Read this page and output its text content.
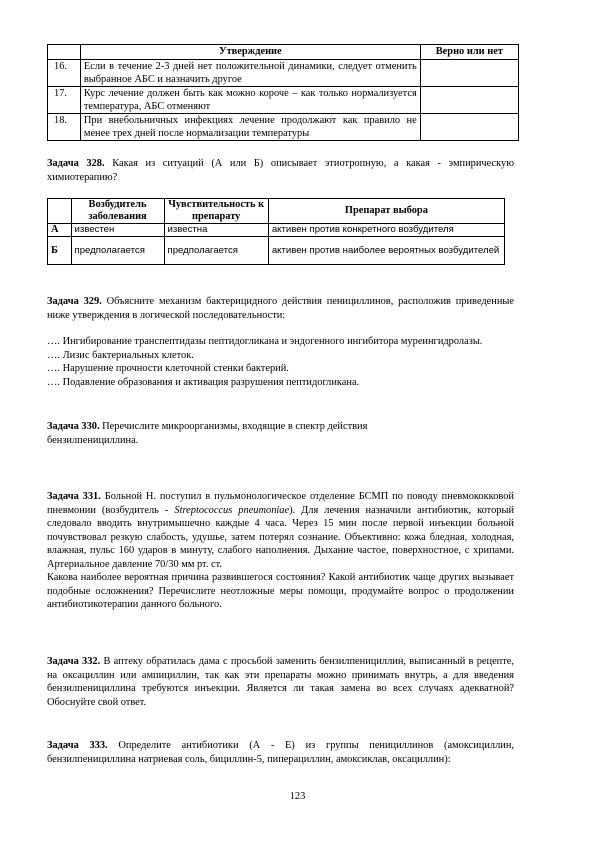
	Утверждение	Верно или нет
16.	Если в течение 2-3 дней нет положительной динамики, следует отменить выбранное АБС и назначить другое	
17.	Курс лечение должен быть как можно короче – как только нормализуется температура, АБС отменяют	
18.	При внебольничных инфекциях лечение продолжают как правило не менее трех дней после нормализации температуры	

Задача 328. Какая из ситуаций (А или Б) описывает этиотропную, а какая - эмпирическую химиотерапию?

	Возбудитель заболевания	Чувствительность к препарату	Препарат выбора
А	известен	известна	активен против конкретного возбудителя
Б	предполагается	предполагается	активен против наиболее вероятных возбудителей

Задача 329. Объясните механизм бактерицидного действия пенициллинов, расположив приведенные ниже утверждения в логической последовательности:

…. Ингибирование транспептидазы пептидогликана и эндогенного ингибитора муреингидролазы.

…. Лизис бактериальных клеток.

…. Нарушение прочности клеточной стенки бактерий.

…. Подавление образования и активация разрушения пептидогликана.

Задача 330. Перечислите микроорганизмы, входящие в спектр действия бензилпенициллина.

Задача 331. Больной Н. поступил в пульмонологическое отделение БСМП по поводу пневмококковой пневмонии (возбудитель - Streptococcus pneumoniae). Для лечения назначили антибиотик, который следовало вводить внутримышечно каждые 4 часа. Через 15 мин после первой инъекции больной почувствовал резкую слабость, удушье, затем потерял сознание. Объективно: кожа бледная, холодная, влажная, пульс 160 ударов в минуту, слабого наполнения. Дыхание частое, поверхностное, с хрипами. Артериальное давление 70/30 мм рт. ст.

Какова наиболее вероятная причина развившегося состояния? Какой антибиотик чаще других вызывает подобные осложнения? Перечислите неотложные меры помощи, продумайте вопрос о продолжении антибиотикотерапии данного больного.

Задача 332. В аптеку обратилась дама с просьбой заменить бензилпенициллин, выписанный в рецепте, на оксациллин или ампициллин, так как эти препараты можно принимать внутрь, а для введения бензилпенициллина требуются инъекции. Является ли такая замена во всех случаях адекватной? Обоснуйте свой ответ.

Задача 333. Определите антибиотики (А - Е) из группы пенициллинов (амоксициллин, бензилпенициллина натриевая соль, бициллин-5, пиперациллин, амоксиклав, оксациллин):

123
